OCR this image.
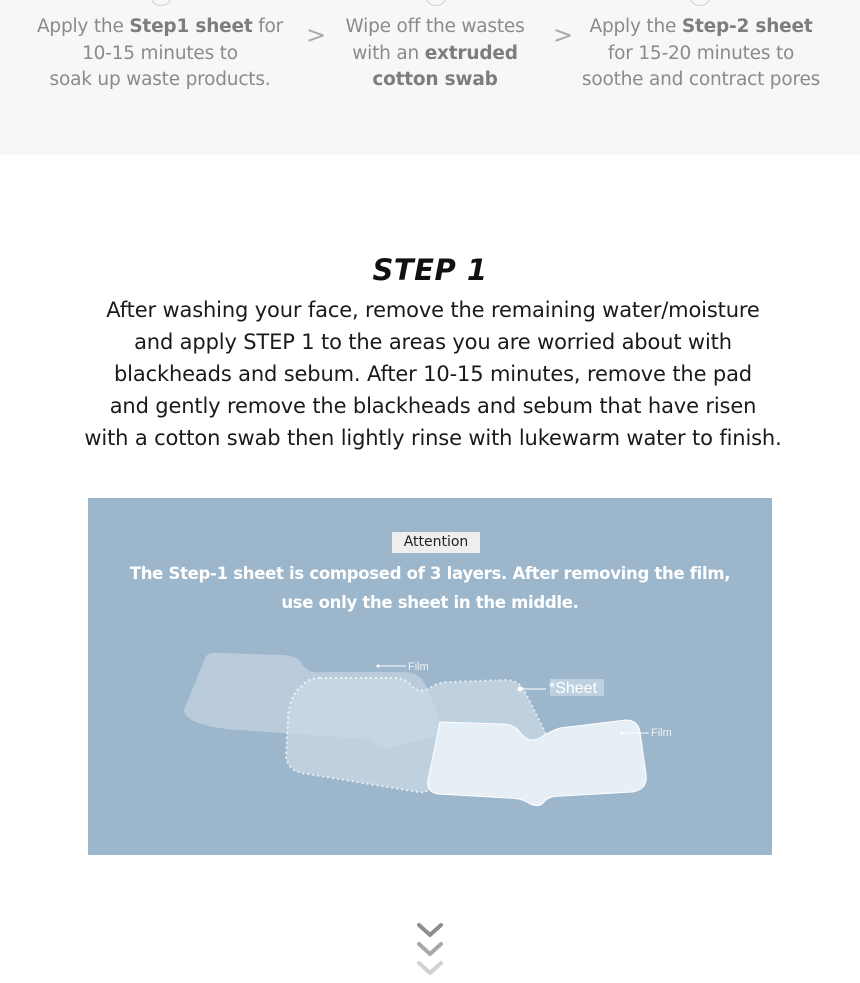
Apply the Step1 sheet for
10-15 minutes to
soak up waste products.
>	Wipe off the wastes
with an extruded
cotton swab
> Apply the Step-2 sheet
for 15-20 minutes to
soothe and contract pores
STEP 1
After washing your face, remove the remaining water/moisture
and apply STEP 1 to the areas you are worried about with
blackheads and sebum. After 10-15 minutes, remove the pad
and gently remove the blackheads and sebum that have risen
with a cotton swab then lightly rinse with lukewarm water to finish.
Film
*Sheet
Film
Attention
The Step-1 sheet is composed of 3 layers. After removing the film,
use only the sheet in the middle.
